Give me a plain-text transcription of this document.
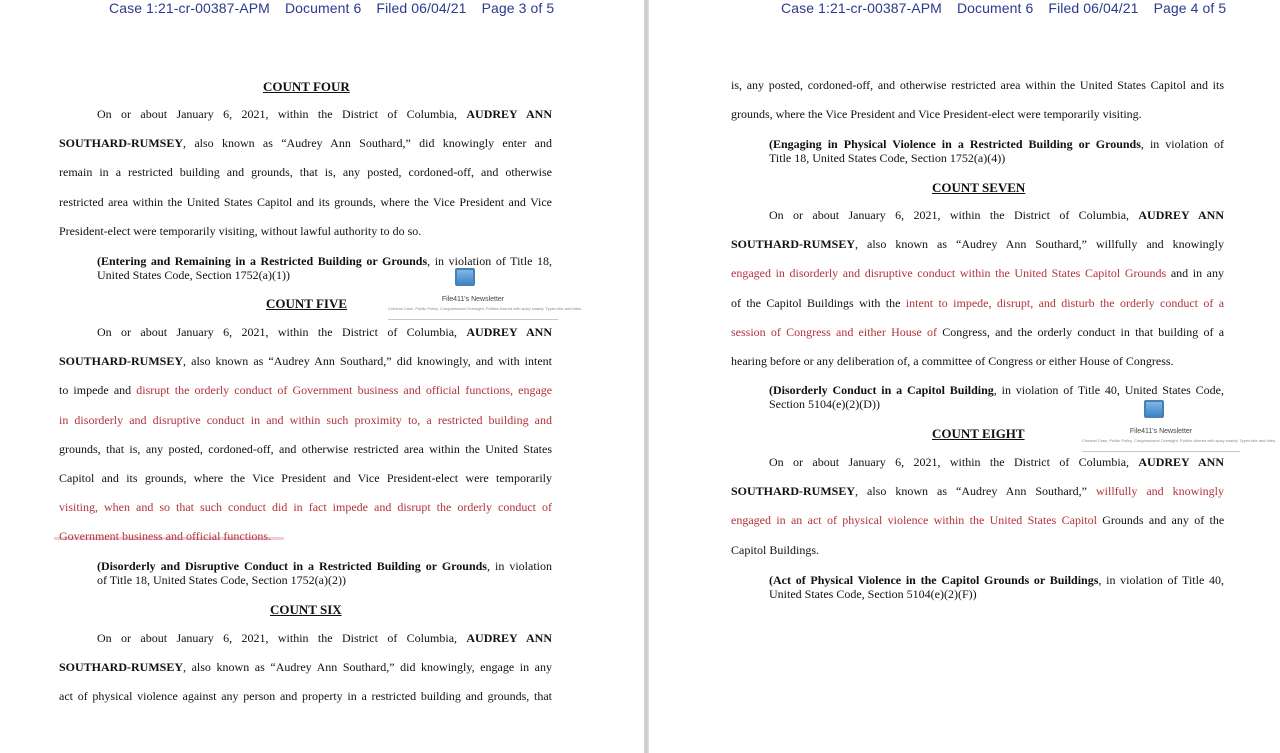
Case 1:21-cr-00387-APM Document 6 Filed 06/04/21 Page 3 of 5
COUNT FOUR
On or about January 6, 2021, within the District of Columbia, AUDREY ANN
SOUTHARD-RUMSEY, also known as “Audrey Ann Southard,” did knowingly enter and
remain in a restricted building and grounds, that is, any posted, cordoned-off, and otherwise
restricted area within the United States Capitol and its grounds, where the Vice President and Vice
President-elect were temporarily visiting, without lawful authority to do so.
(Entering and Remaining in a Restricted Building or Grounds, in violation of Title 18,
United States Code, Section 1752(a)(1))
File411's Newsletter
Criminal Case, Public Policy, Congressional Oversight. Politics blurred with spicy snarky. Types bite and bites.
COUNT FIVE
On or about January 6, 2021, within the District of Columbia, AUDREY ANN
SOUTHARD-RUMSEY, also known as “Audrey Ann Southard,” did knowingly, and with intent
to impede and disrupt the orderly conduct of Government business and official functions, engage
in disorderly and disruptive conduct in and within such proximity to, a restricted building and
grounds, that is, any posted, cordoned-off, and otherwise restricted area within the United States
Capitol and its grounds, where the Vice President and Vice President-elect were temporarily
visiting, when and so that such conduct did in fact impede and disrupt the orderly conduct of
Government business and official functions.
(Disorderly and Disruptive Conduct in a Restricted Building or Grounds, in violation
of Title 18, United States Code, Section 1752(a)(2))
COUNT SIX
On or about January 6, 2021, within the District of Columbia, AUDREY ANN
SOUTHARD-RUMSEY, also known as “Audrey Ann Southard,” did knowingly, engage in any
act of physical violence against any person and property in a restricted building and grounds, that
Case 1:21-cr-00387-APM Document 6 Filed 06/04/21 Page 4 of 5
is, any posted, cordoned-off, and otherwise restricted area within the United States Capitol and its
grounds, where the Vice President and Vice President-elect were temporarily visiting.
(Engaging in Physical Violence in a Restricted Building or Grounds, in violation of
Title 18, United States Code, Section 1752(a)(4))
COUNT SEVEN
On or about January 6, 2021, within the District of Columbia, AUDREY ANN
SOUTHARD-RUMSEY, also known as “Audrey Ann Southard,” willfully and knowingly
engaged in disorderly and disruptive conduct within the United States Capitol Grounds and in any
of the Capitol Buildings with the intent to impede, disrupt, and disturb the orderly conduct of a
session of Congress and either House of Congress, and the orderly conduct in that building of a
hearing before or any deliberation of, a committee of Congress or either House of Congress.
(Disorderly Conduct in a Capitol Building, in violation of Title 40, United States Code,
Section 5104(e)(2)(D))
File411's Newsletter
Criminal Case, Public Policy, Congressional Oversight. Politics blurred with spicy snarky. Types bite and bites.
COUNT EIGHT
On or about January 6, 2021, within the District of Columbia, AUDREY ANN
SOUTHARD-RUMSEY, also known as “Audrey Ann Southard,” willfully and knowingly
engaged in an act of physical violence within the United States Capitol Grounds and any of the
Capitol Buildings.
(Act of Physical Violence in the Capitol Grounds or Buildings, in violation of Title 40,
United States Code, Section 5104(e)(2)(F))
